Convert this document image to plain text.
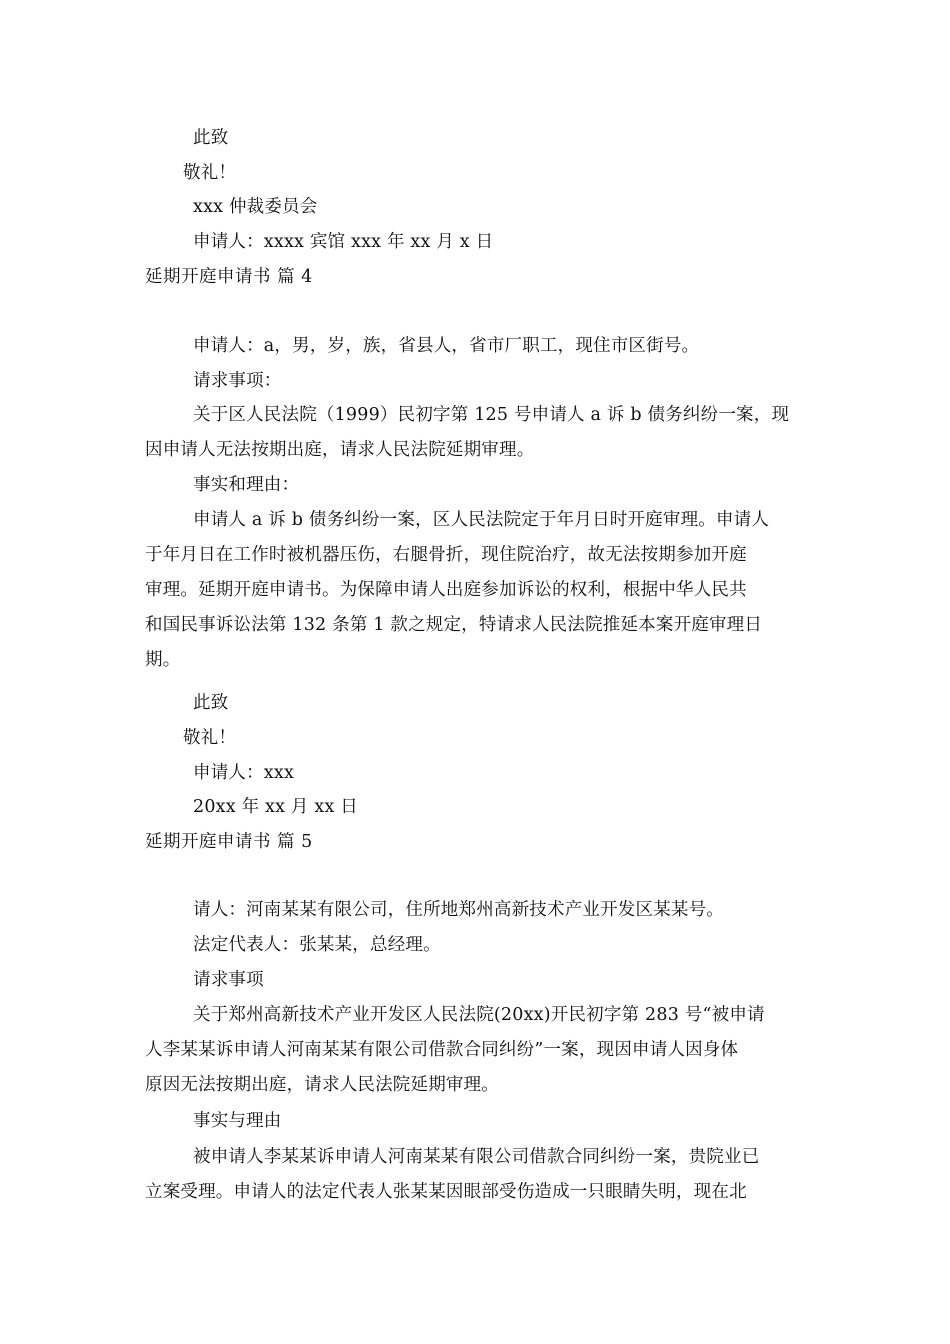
此致
敬礼！
xxx 仲裁委员会
申请人：xxxx 宾馆 xxx 年 xx 月 x 日
延期开庭申请书 篇 4
申请人：a，男，岁，族，省县人，省市厂职工，现住市区街号。
请求事项：
关于区人民法院（1999）民初字第 125 号申请人 a 诉 b 债务纠纷一案，现
因申请人无法按期出庭，请求人民法院延期审理。
事实和理由：
申请人 a 诉 b 债务纠纷一案，区人民法院定于年月日时开庭审理。申请人
于年月日在工作时被机器压伤，右腿骨折，现住院治疗，故无法按期参加开庭
审理。延期开庭申请书。为保障申请人出庭参加诉讼的权利，根据中华人民共
和国民事诉讼法第 132 条第 1 款之规定，特请求人民法院推延本案开庭审理日
期。
此致
敬礼！
申请人：xxx
20xx 年 xx 月 xx 日
延期开庭申请书 篇 5
请人：河南某某有限公司，住所地郑州高新技术产业开发区某某号。
法定代表人：张某某，总经理。
请求事项
关于郑州高新技术产业开发区人民法院(20xx)开民初字第 283 号“被申请
人李某某诉申请人河南某某有限公司借款合同纠纷”一案，现因申请人因身体
原因无法按期出庭，请求人民法院延期审理。
事实与理由
被申请人李某某诉申请人河南某某有限公司借款合同纠纷一案，贵院业已
立案受理。申请人的法定代表人张某某因眼部受伤造成一只眼睛失明，现在北
